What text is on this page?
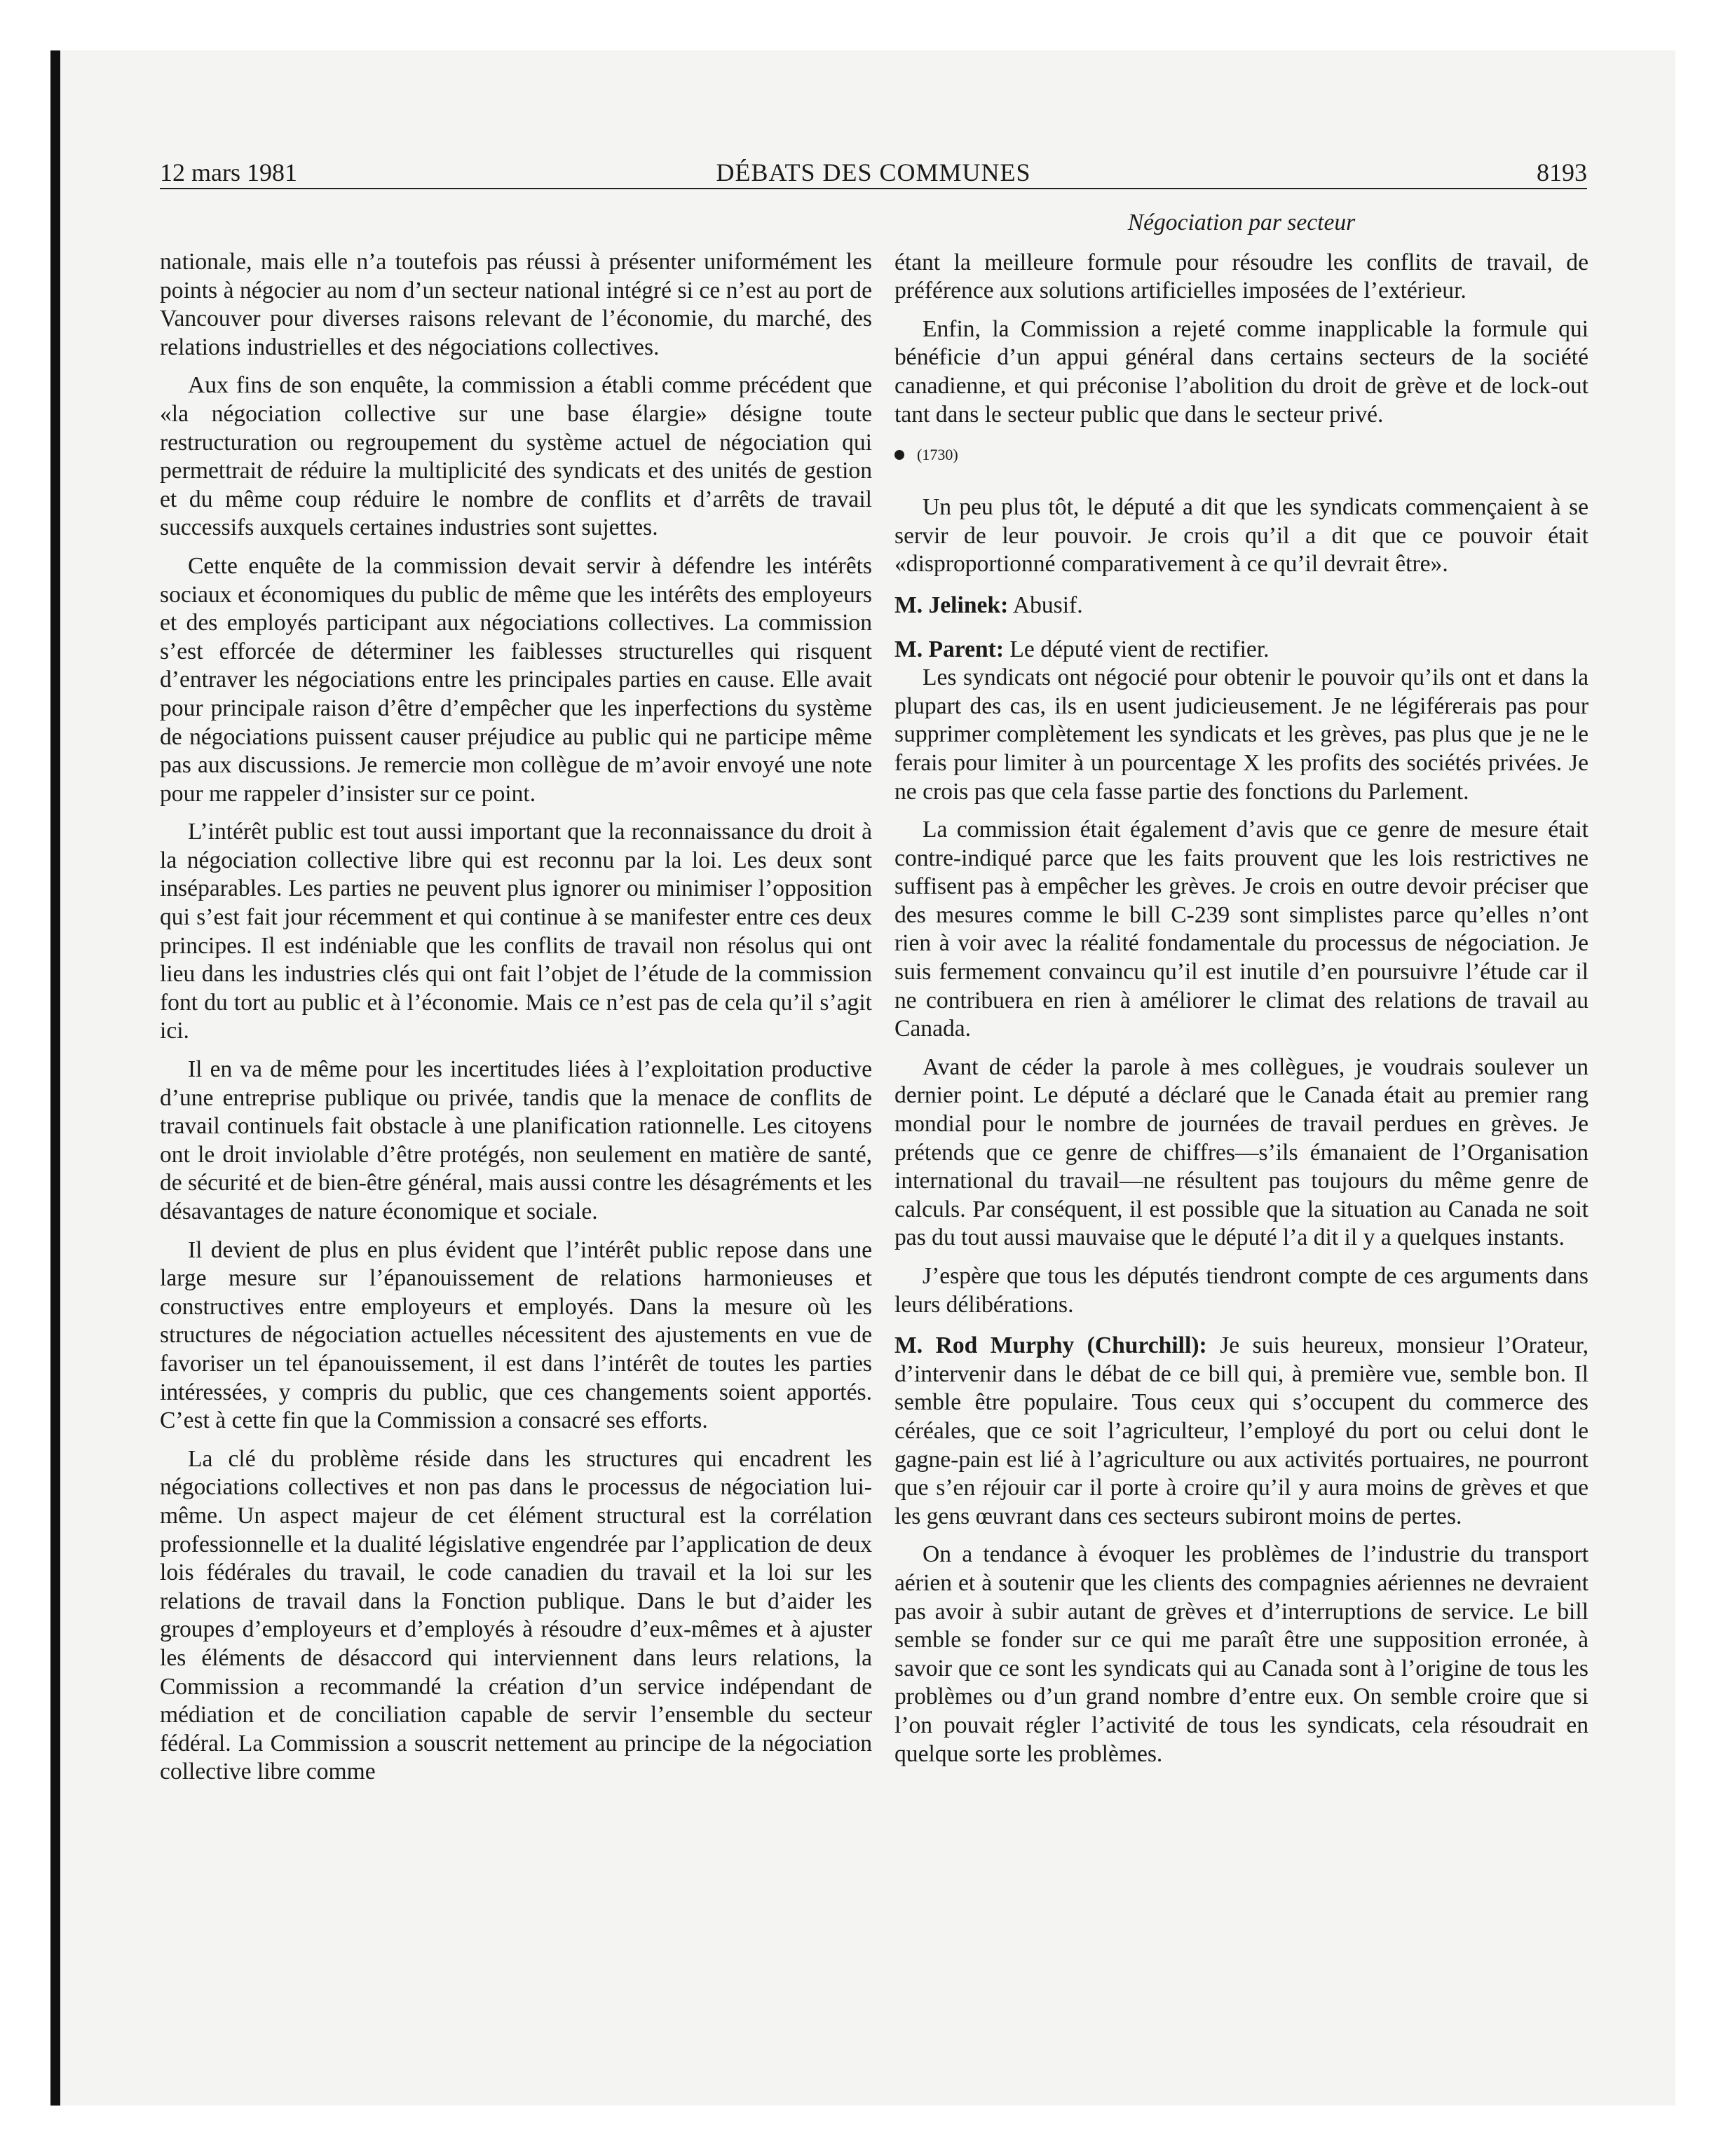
12 mars 1981	DÉBATS DES COMMUNES	8193

nationale, mais elle n’a toutefois pas réussi à présenter uniformément les points à négocier au nom d’un secteur national intégré si ce n’est au port de Vancouver pour diverses raisons relevant de l’économie, du marché, des relations industrielles et des négociations collectives.

Aux fins de son enquête, la commission a établi comme précédent que «la négociation collective sur une base élargie» désigne toute restructuration ou regroupement du système actuel de négociation qui permettrait de réduire la multiplicité des syndicats et des unités de gestion et du même coup réduire le nombre de conflits et d’arrêts de travail successifs auxquels certaines industries sont sujettes.

Cette enquête de la commission devait servir à défendre les intérêts sociaux et économiques du public de même que les intérêts des employeurs et des employés participant aux négociations collectives. La commission s’est efforcée de déterminer les faiblesses structurelles qui risquent d’entraver les négociations entre les principales parties en cause. Elle avait pour principale raison d’être d’empêcher que les inperfections du système de négociations puissent causer préjudice au public qui ne participe même pas aux discussions. Je remercie mon collègue de m’avoir envoyé une note pour me rappeler d’insister sur ce point.

L’intérêt public est tout aussi important que la reconnaissance du droit à la négociation collective libre qui est reconnu par la loi. Les deux sont inséparables. Les parties ne peuvent plus ignorer ou minimiser l’opposition qui s’est fait jour récemment et qui continue à se manifester entre ces deux principes. Il est indéniable que les conflits de travail non résolus qui ont lieu dans les industries clés qui ont fait l’objet de l’étude de la commission font du tort au public et à l’économie. Mais ce n’est pas de cela qu’il s’agit ici.

Il en va de même pour les incertitudes liées à l’exploitation productive d’une entreprise publique ou privée, tandis que la menace de conflits de travail continuels fait obstacle à une planification rationnelle. Les citoyens ont le droit inviolable d’être protégés, non seulement en matière de santé, de sécurité et de bien-être général, mais aussi contre les désagréments et les désavantages de nature économique et sociale.

Il devient de plus en plus évident que l’intérêt public repose dans une large mesure sur l’épanouissement de relations harmonieuses et constructives entre employeurs et employés. Dans la mesure où les structures de négociation actuelles nécessitent des ajustements en vue de favoriser un tel épanouissement, il est dans l’intérêt de toutes les parties intéressées, y compris du public, que ces changements soient apportés. C’est à cette fin que la Commission a consacré ses efforts.

La clé du problème réside dans les structures qui encadrent les négociations collectives et non pas dans le processus de négociation lui-même. Un aspect majeur de cet élément structural est la corrélation professionnelle et la dualité législative engendrée par l’application de deux lois fédérales du travail, le code canadien du travail et la loi sur les relations de travail dans la Fonction publique. Dans le but d’aider les groupes d’employeurs et d’employés à résoudre d’eux-mêmes et à ajuster les éléments de désaccord qui interviennent dans leurs relations, la Commission a recommandé la création d’un service indépendant de médiation et de conciliation capable de servir l’ensemble du secteur fédéral. La Commission a souscrit nettement au principe de la négociation collective libre comme

Négociation par secteur

étant la meilleure formule pour résoudre les conflits de travail, de préférence aux solutions artificielles imposées de l’extérieur.

Enfin, la Commission a rejeté comme inapplicable la formule qui bénéficie d’un appui général dans certains secteurs de la société canadienne, et qui préconise l’abolition du droit de grève et de lock-out tant dans le secteur public que dans le secteur privé.

(1730)

Un peu plus tôt, le député a dit que les syndicats commençaient à se servir de leur pouvoir. Je crois qu’il a dit que ce pouvoir était «disproportionné comparativement à ce qu’il devrait être».

M. Jelinek: Abusif.

M. Parent: Le député vient de rectifier.

Les syndicats ont négocié pour obtenir le pouvoir qu’ils ont et dans la plupart des cas, ils en usent judicieusement. Je ne légiférerais pas pour supprimer complètement les syndicats et les grèves, pas plus que je ne le ferais pour limiter à un pourcentage X les profits des sociétés privées. Je ne crois pas que cela fasse partie des fonctions du Parlement.

La commission était également d’avis que ce genre de mesure était contre-indiqué parce que les faits prouvent que les lois restrictives ne suffisent pas à empêcher les grèves. Je crois en outre devoir préciser que des mesures comme le bill C-239 sont simplistes parce qu’elles n’ont rien à voir avec la réalité fondamentale du processus de négociation. Je suis fermement convaincu qu’il est inutile d’en poursuivre l’étude car il ne contribuera en rien à améliorer le climat des relations de travail au Canada.

Avant de céder la parole à mes collègues, je voudrais soulever un dernier point. Le député a déclaré que le Canada était au premier rang mondial pour le nombre de journées de travail perdues en grèves. Je prétends que ce genre de chiffres—s’ils émanaient de l’Organisation international du travail—ne résultent pas toujours du même genre de calculs. Par conséquent, il est possible que la situation au Canada ne soit pas du tout aussi mauvaise que le député l’a dit il y a quelques instants.

J’espère que tous les députés tiendront compte de ces arguments dans leurs délibérations.

M. Rod Murphy (Churchill): Je suis heureux, monsieur l’Orateur, d’intervenir dans le débat de ce bill qui, à première vue, semble bon. Il semble être populaire. Tous ceux qui s’occupent du commerce des céréales, que ce soit l’agriculteur, l’employé du port ou celui dont le gagne-pain est lié à l’agriculture ou aux activités portuaires, ne pourront que s’en réjouir car il porte à croire qu’il y aura moins de grèves et que les gens œuvrant dans ces secteurs subiront moins de pertes.

On a tendance à évoquer les problèmes de l’industrie du transport aérien et à soutenir que les clients des compagnies aériennes ne devraient pas avoir à subir autant de grèves et d’interruptions de service. Le bill semble se fonder sur ce qui me paraît être une supposition erronée, à savoir que ce sont les syndicats qui au Canada sont à l’origine de tous les problèmes ou d’un grand nombre d’entre eux. On semble croire que si l’on pouvait régler l’activité de tous les syndicats, cela résoudrait en quelque sorte les problèmes.
